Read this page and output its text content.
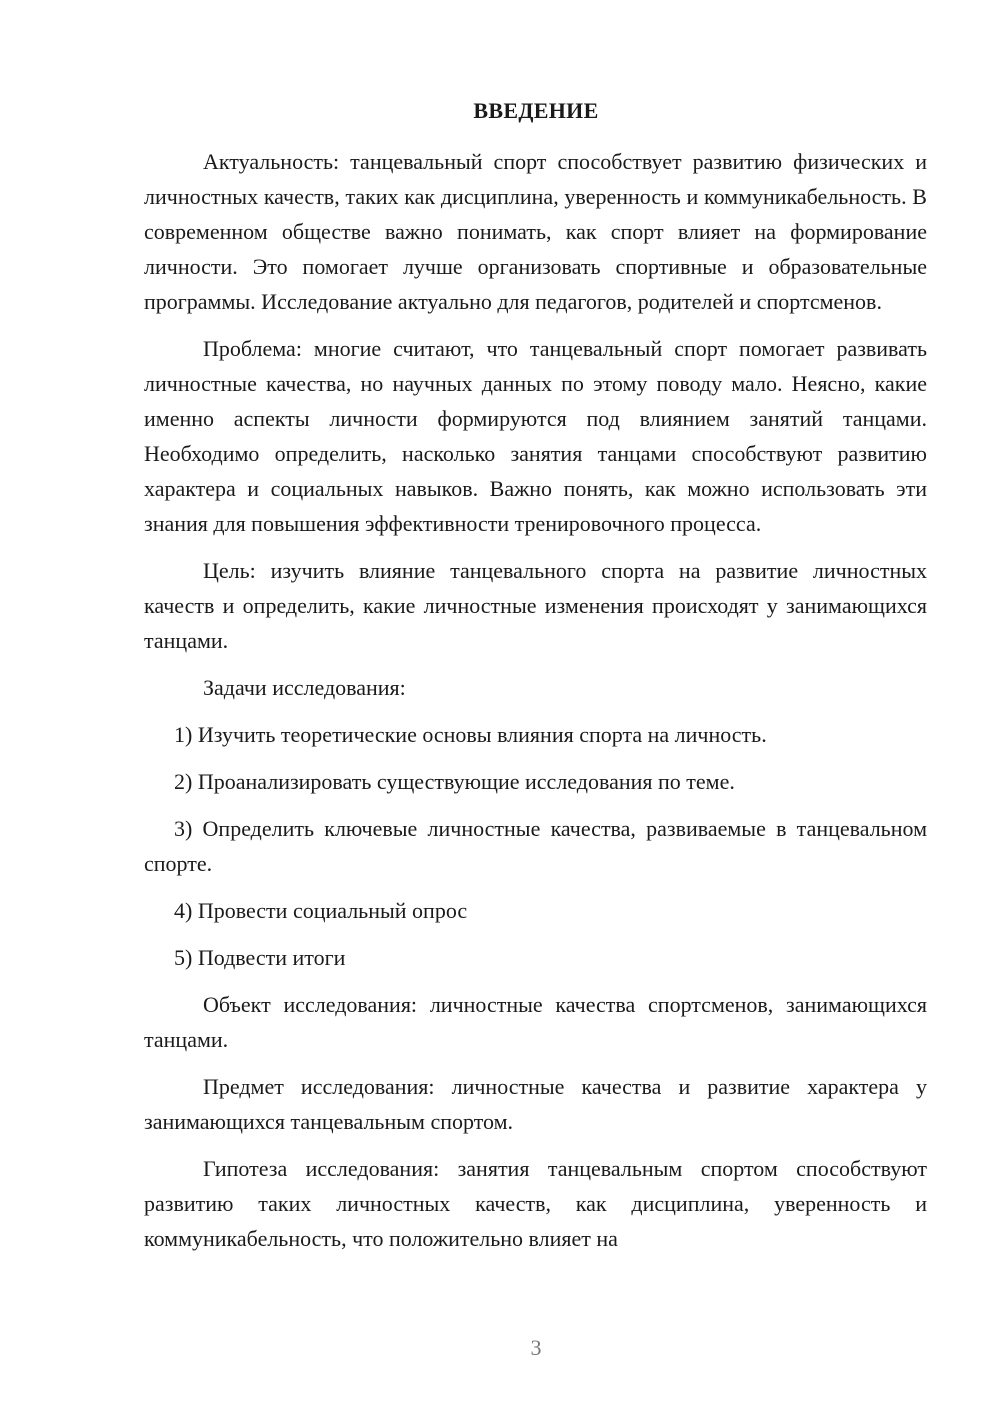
ВВЕДЕНИЕ

Актуальность: танцевальный спорт способствует развитию физических и личностных качеств, таких как дисциплина, уверенность и коммуникабельность. В современном обществе важно понимать, как спорт влияет на формирование личности. Это помогает лучше организовать спортивные и образовательные программы. Исследование актуально для педагогов, родителей и спортсменов.

Проблема: многие считают, что танцевальный спорт помогает развивать личностные качества, но научных данных по этому поводу мало. Неясно, какие именно аспекты личности формируются под влиянием занятий танцами. Необходимо определить, насколько занятия танцами способствуют развитию характера и социальных навыков. Важно понять, как можно использовать эти знания для повышения эффективности тренировочного процесса.

Цель: изучить влияние танцевального спорта на развитие личностных качеств и определить, какие личностные изменения происходят у занимающихся танцами.

Задачи исследования:

1) Изучить теоретические основы влияния спорта на личность.

2) Проанализировать существующие исследования по теме.

3) Определить ключевые личностные качества, развиваемые в танцевальном спорте.

4) Провести социальный опрос

5) Подвести итоги

Объект исследования: личностные качества спортсменов, занимающихся танцами.

Предмет исследования: личностные качества и развитие характера у занимающихся танцевальным спортом.

Гипотеза исследования: занятия танцевальным спортом способствуют развитию таких личностных качеств, как дисциплина, уверенность и коммуникабельность, что положительно влияет на

3
